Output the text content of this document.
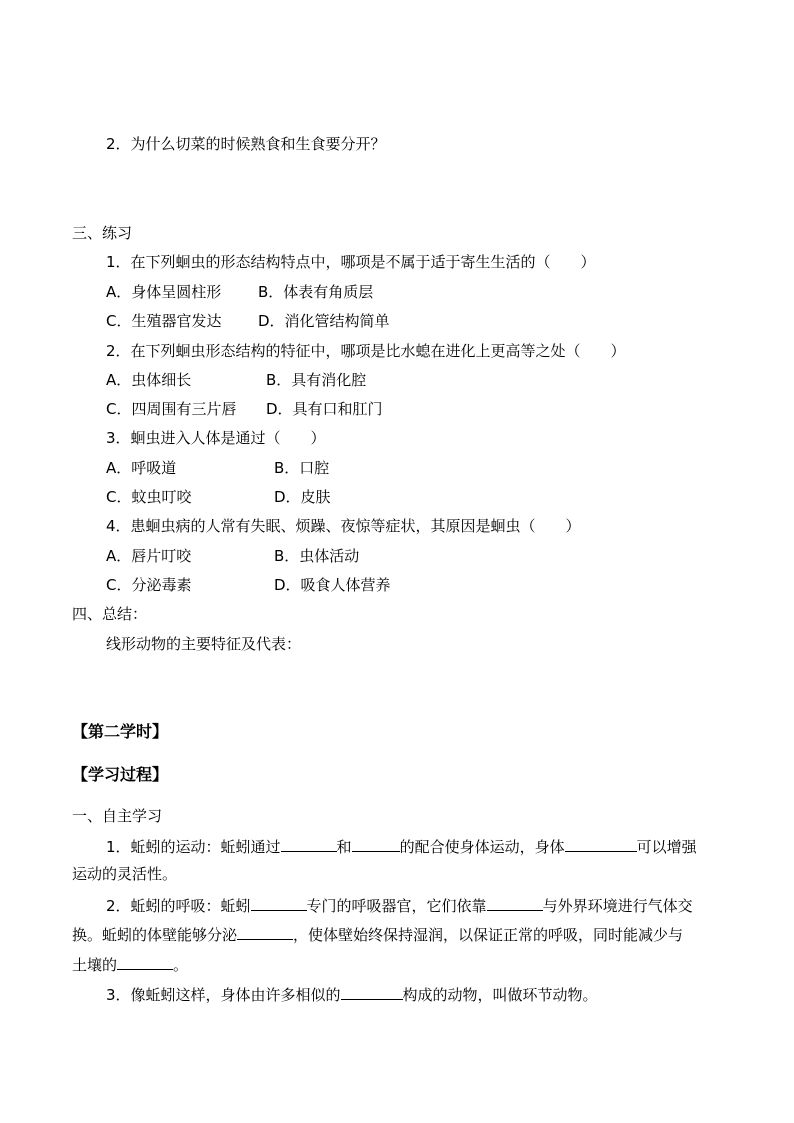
2．为什么切菜的时候熟食和生食要分开？
三、练习
1．在下列蛔虫的形态结构特点中，哪项是不属于适于寄生生活的（　　）
A．身体呈圆柱形 B．体表有角质层
C．生殖器官发达 D．消化管结构简单
2．在下列蛔虫形态结构的特征中，哪项是比水螅在进化上更高等之处（　　）
A．虫体细长	B．具有消化腔
C．四周围有三片唇 D．具有口和肛门
3．蛔虫进入人体是通过（　　）
A．呼吸道	B．口腔
C．蚊虫叮咬	D．皮肤
4．患蛔虫病的人常有失眠、烦躁、夜惊等症状，其原因是蛔虫（　　）
A．唇片叮咬	B．虫体活动
C．分泌毒素	D．吸食人体营养
四、总结：
线形动物的主要特征及代表：
【第二学时】
【学习过程】
一、自主学习
1．蚯蚓的运动：蚯蚓通过	和	的配合使身体运动，身体	可以增强
运动的灵活性。
2．蚯蚓的呼吸：蚯蚓	专门的呼吸器官，它们依靠	与外界环境进行气体交
换。蚯蚓的体壁能够分泌	，使体壁始终保持湿润，以保证正常的呼吸，同时能减少与
土壤的	。
3．像蚯蚓这样，身体由许多相似的	构成的动物，叫做环节动物。
